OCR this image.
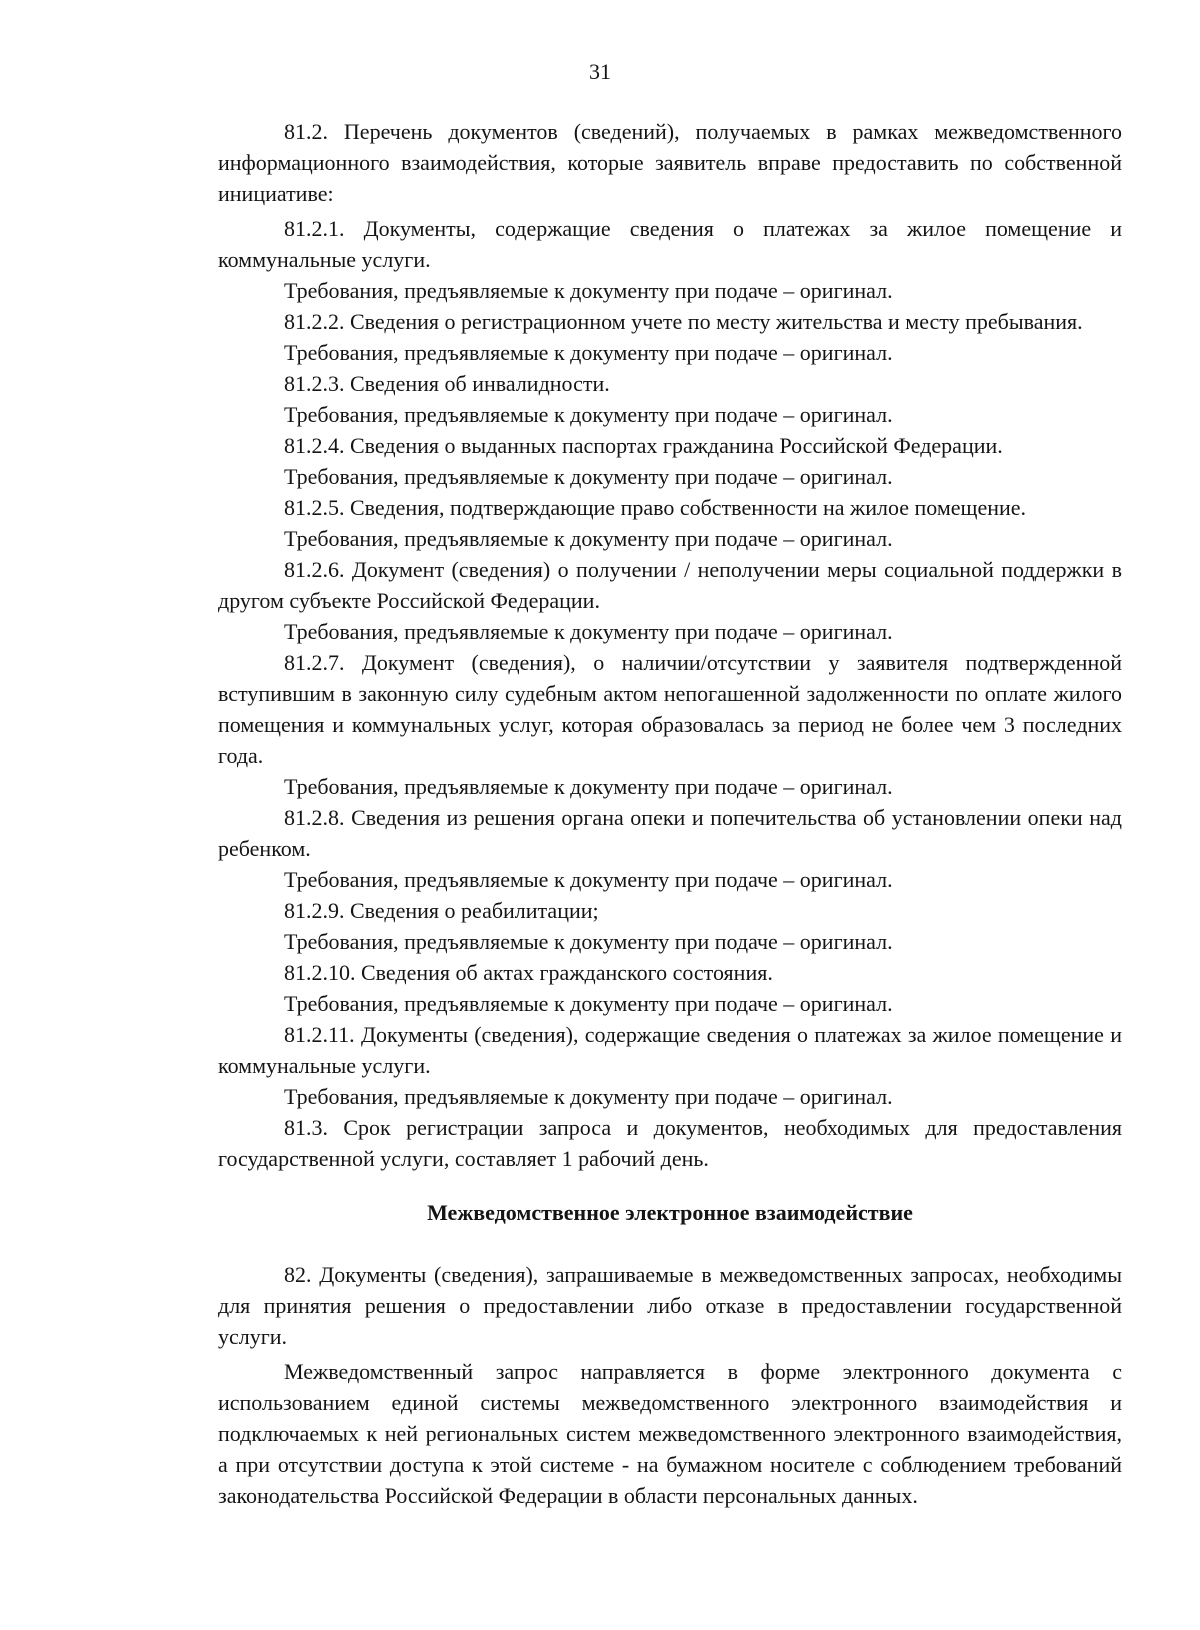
31

81.2. Перечень документов (сведений), получаемых в рамках межведомственного информационного взаимодействия, которые заявитель вправе предоставить по собственной инициативе:

81.2.1. Документы, содержащие сведения о платежах за жилое помещение и коммунальные услуги.

Требования, предъявляемые к документу при подаче – оригинал.

81.2.2. Сведения о регистрационном учете по месту жительства и месту пребывания.

Требования, предъявляемые к документу при подаче – оригинал.

81.2.3. Сведения об инвалидности.

Требования, предъявляемые к документу при подаче – оригинал.

81.2.4. Сведения о выданных паспортах гражданина Российской Федерации.

Требования, предъявляемые к документу при подаче – оригинал.

81.2.5. Сведения, подтверждающие право собственности на жилое помещение.

Требования, предъявляемые к документу при подаче – оригинал.

81.2.6. Документ (сведения) о получении / неполучении меры социальной поддержки в другом субъекте Российской Федерации.

Требования, предъявляемые к документу при подаче – оригинал.

81.2.7. Документ (сведения), о наличии/отсутствии у заявителя подтвержденной вступившим в законную силу судебным актом непогашенной задолженности по оплате жилого помещения и коммунальных услуг, которая образовалась за период не более чем 3 последних года.

Требования, предъявляемые к документу при подаче – оригинал.

81.2.8. Сведения из решения органа опеки и попечительства об установлении опеки над ребенком.

Требования, предъявляемые к документу при подаче – оригинал.

81.2.9. Сведения о реабилитации;

Требования, предъявляемые к документу при подаче – оригинал.

81.2.10. Сведения об актах гражданского состояния.

Требования, предъявляемые к документу при подаче – оригинал.

81.2.11. Документы (сведения), содержащие сведения о платежах за жилое помещение и коммунальные услуги.

Требования, предъявляемые к документу при подаче – оригинал.

81.3. Срок регистрации запроса и документов, необходимых для предоставления государственной услуги, составляет 1 рабочий день.

Межведомственное электронное взаимодействие

82. Документы (сведения), запрашиваемые в межведомственных запросах, необходимы для принятия решения о предоставлении либо отказе в предоставлении государственной услуги.

Межведомственный запрос направляется в форме электронного документа с использованием единой системы межведомственного электронного взаимодействия и подключаемых к ней региональных систем межведомственного электронного взаимодействия, а при отсутствии доступа к этой системе - на бумажном носителе с соблюдением требований законодательства Российской Федерации в области персональных данных.
